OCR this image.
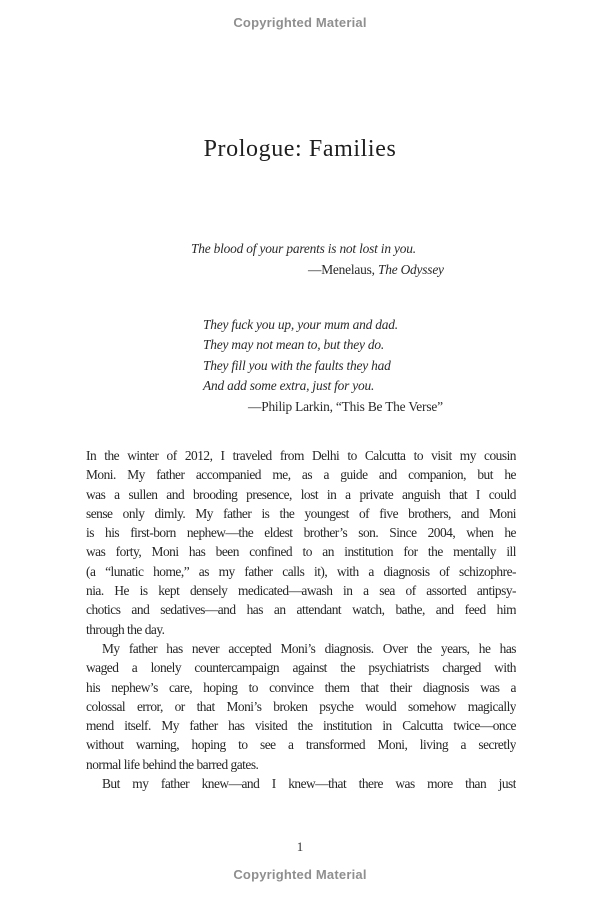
Copyrighted Material
Prologue: Families
The blood of your parents is not lost in you.
—Menelaus, The Odyssey
They fuck you up, your mum and dad.
They may not mean to, but they do.
They fill you with the faults they had
And add some extra, just for you.
—Philip Larkin, “This Be The Verse”
In the winter of 2012, I traveled from Delhi to Calcutta to visit my cousin
Moni. My father accompanied me, as a guide and companion, but he
was a sullen and brooding presence, lost in a private anguish that I could
sense only dimly. My father is the youngest of five brothers, and Moni
is his first-born nephew—the eldest brother’s son. Since 2004, when he
was forty, Moni has been confined to an institution for the mentally ill
(a “lunatic home,” as my father calls it), with a diagnosis of schizophre-
nia. He is kept densely medicated—awash in a sea of assorted antipsy-
chotics and sedatives—and has an attendant watch, bathe, and feed him
through the day.
My father has never accepted Moni’s diagnosis. Over the years, he has
waged a lonely countercampaign against the psychiatrists charged with
his nephew’s care, hoping to convince them that their diagnosis was a
colossal error, or that Moni’s broken psyche would somehow magically
mend itself. My father has visited the institution in Calcutta twice—once
without warning, hoping to see a transformed Moni, living a secretly
normal life behind the barred gates.
But my father knew—and I knew—that there was more than just
1
Copyrighted Material
